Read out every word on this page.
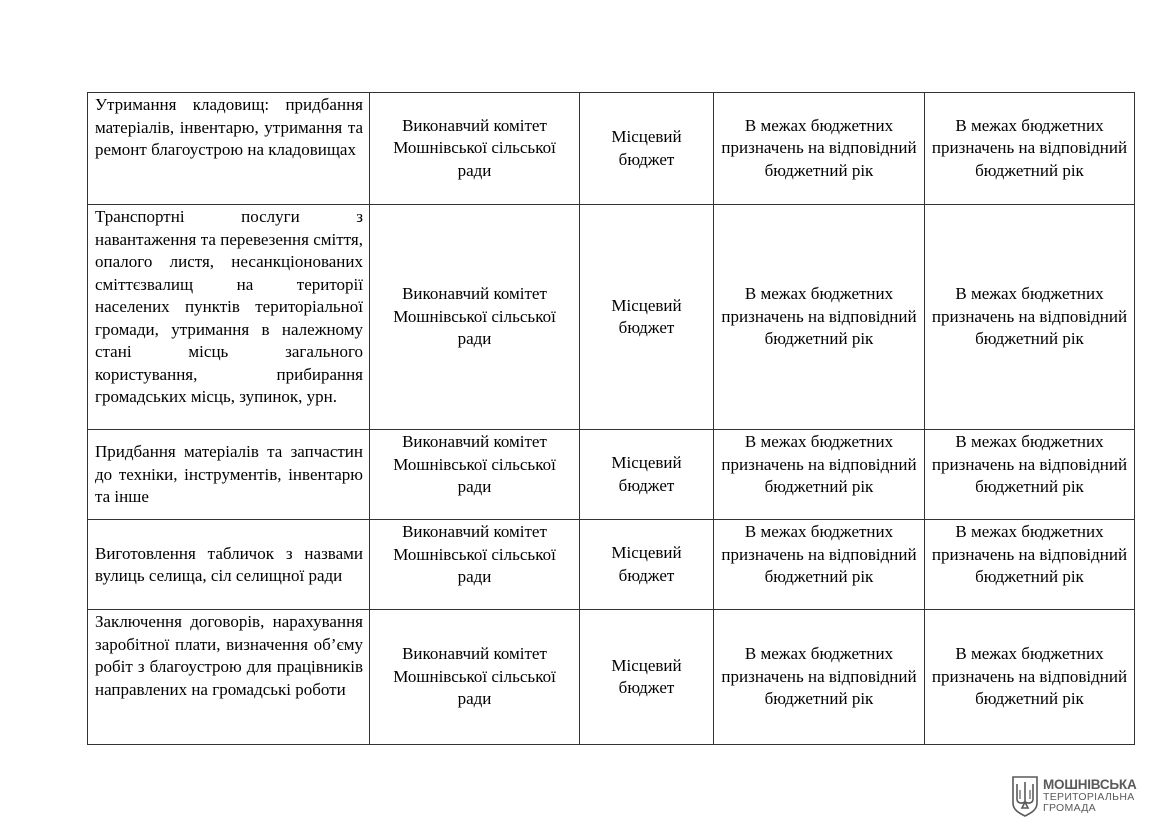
Утримання кладовищ: придбання матеріалів, інвентарю, утримання та ремонт благоустрою на кладовищах	Виконавчий комітет Мошнівської сільської ради	Місцевий бюджет	В межах бюджетних призначень на відповідний бюджетний рік	В межах бюджетних призначень на відповідний бюджетний рік

Транспортні послуги з навантаження та перевезення сміття, опалого листя, несанкціонованих сміттєзвалищ на території населених пунктів територіальної громади, утримання в належному стані місць загального користування, прибирання громадських місць, зупинок, урн.	Виконавчий комітет Мошнівської сільської ради	Місцевий бюджет	В межах бюджетних призначень на відповідний бюджетний рік	В межах бюджетних призначень на відповідний бюджетний рік

Придбання матеріалів та запчастин до техніки, інструментів, інвентарю та інше	Виконавчий комітет Мошнівської сільської ради	Місцевий бюджет	В межах бюджетних призначень на відповідний бюджетний рік	В межах бюджетних призначень на відповідний бюджетний рік

Виготовлення табличок з назвами вулиць селища, сіл селищної ради	Виконавчий комітет Мошнівської сільської ради	Місцевий бюджет	В межах бюджетних призначень на відповідний бюджетний рік	В межах бюджетних призначень на відповідний бюджетний рік

Заключення договорів, нарахування заробітної плати, визначення об’єму робіт з благоустрою для працівників направлених на громадські роботи	Виконавчий комітет Мошнівської сільської ради	Місцевий бюджет	В межах бюджетних призначень на відповідний бюджетний рік	В межах бюджетних призначень на відповідний бюджетний рік
МОШНІВСЬКА
ТЕРИТОРІАЛЬНА
ГРОМАДА
